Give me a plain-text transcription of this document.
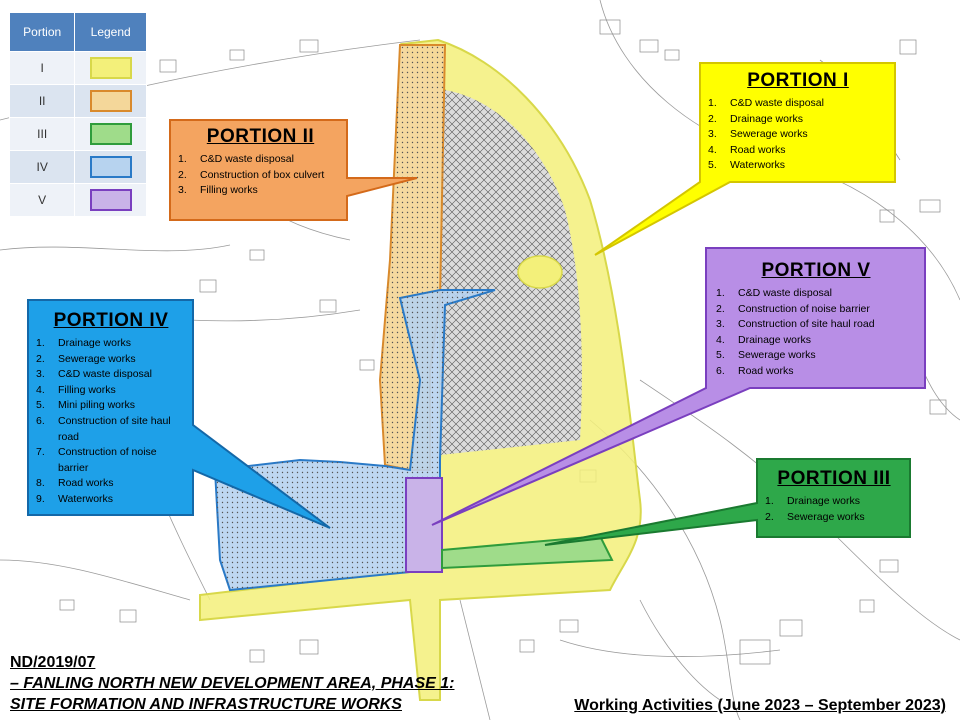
Portion	Legend
I	
II	
III	
IV	
V	
PORTION II
1.	C&D waste disposal
2.	Construction of box culvert
3.	Filling works
PORTION I
1.	C&D waste disposal
2.	Drainage works
3.	Sewerage works
4.	Road works
5.	Waterworks
PORTION V
1.	C&D waste disposal
2.	Construction of noise barrier
3.	Construction of site haul road
4.	Drainage works
5.	Sewerage works
6.	Road works
PORTION IV
1.	Drainage works
2.	Sewerage works
3.	C&D waste disposal
4.	Filling works
5.	Mini piling works
6.	Construction of site haul road
7.	Construction of noise barrier
8.	Road works
9.	Waterworks
PORTION III
1.	Drainage works
2.	Sewerage works
ND/2019/07
– FANLING NORTH NEW DEVELOPMENT AREA, PHASE 1:
SITE FORMATION AND INFRASTRUCTURE WORKS	Working Activities (June 2023 – September 2023)
